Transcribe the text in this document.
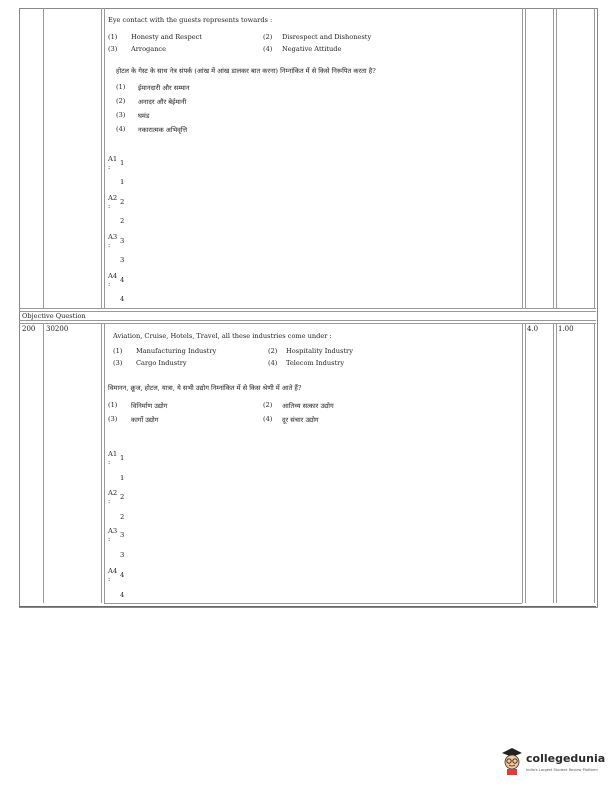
Eye contact with the guests represents towards :
(1) Honesty and Respect	(2) Disrespect and Dishonesty
(3) Arrogance	(4) Negative Attitude
होटल के गेस्ट के साथ नेत्र संपर्क (आंख में आंख डालकर बात करना) निम्नांकित में से किसे निरूपित करता है?
(1) ईमानदारी और सम्मान
(2) अनादर और बेईमानी
(3) घमंड
(4) नकारात्मक अभिवृत्ति
A1 1
:
1
A2 2
:
2
A3 3
:
3
A4 4
:
4
Objective Question
200 30200	4.0	1.00
Aviation, Cruise, Hotels, Travel, all these industries come under :
(1) Manufacturing Industry	(2) Hospitality Industry
(3) Cargo Industry	(4) Telecom Industry
विमानन, क्रूज, होटल, यात्रा, ये सभी उद्योग निम्नांकित में से किस श्रेणी में आते हैं?
(1) विनिर्माण उद्योग	(2) आतिथ्य सत्कार उद्योग
(3) कार्गो उद्योग	(4) दूर संचार उद्योग
A1 1
:
1
A2 2
:
2
A3 3
:
3
A4 4
:
4
collegedunia
India's Largest Student Review Platform
